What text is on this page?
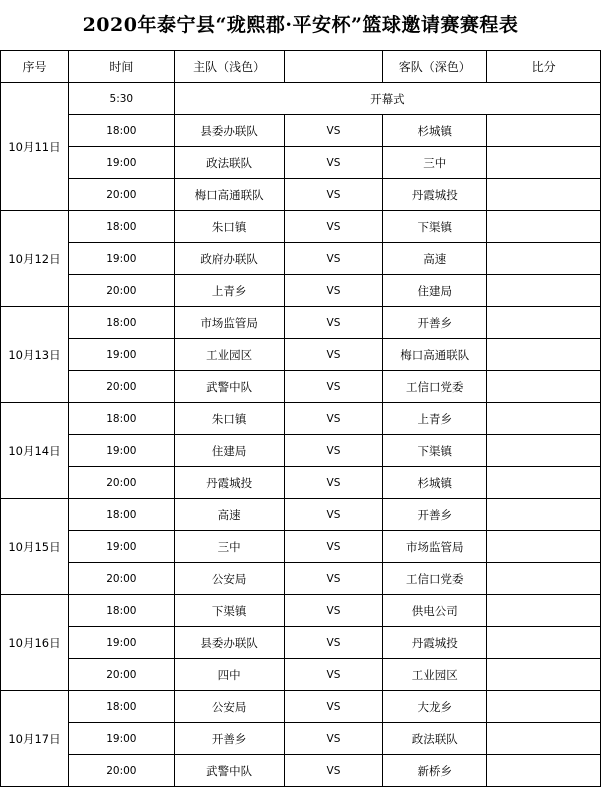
2020年泰宁县“珑熙郡·平安杯”篮球邀请赛赛程表
序号	时间	主队（浅色）		客队（深色）	比分
10月11日	5:30	开幕式			
	18:00	县委办联队	VS	杉城镇	
	19:00	政法联队	VS	三中	
	20:00	梅口高通联队	VS	丹霞城投	
10月12日	18:00	朱口镇	VS	下渠镇	
	19:00	政府办联队	VS	高速	
	20:00	上青乡	VS	住建局	
10月13日	18:00	市场监管局	VS	开善乡	
	19:00	工业园区	VS	梅口高通联队	
	20:00	武警中队	VS	工信口党委	
10月14日	18:00	朱口镇	VS	上青乡	
	19:00	住建局	VS	下渠镇	
	20:00	丹霞城投	VS	杉城镇	
10月15日	18:00	高速	VS	开善乡	
	19:00	三中	VS	市场监管局	
	20:00	公安局	VS	工信口党委	
10月16日	18:00	下渠镇	VS	供电公司	
	19:00	县委办联队	VS	丹霞城投	
	20:00	四中	VS	工业园区	
10月17日	18:00	公安局	VS	大龙乡	
	19:00	开善乡	VS	政法联队	
	20:00	武警中队	VS	新桥乡	
